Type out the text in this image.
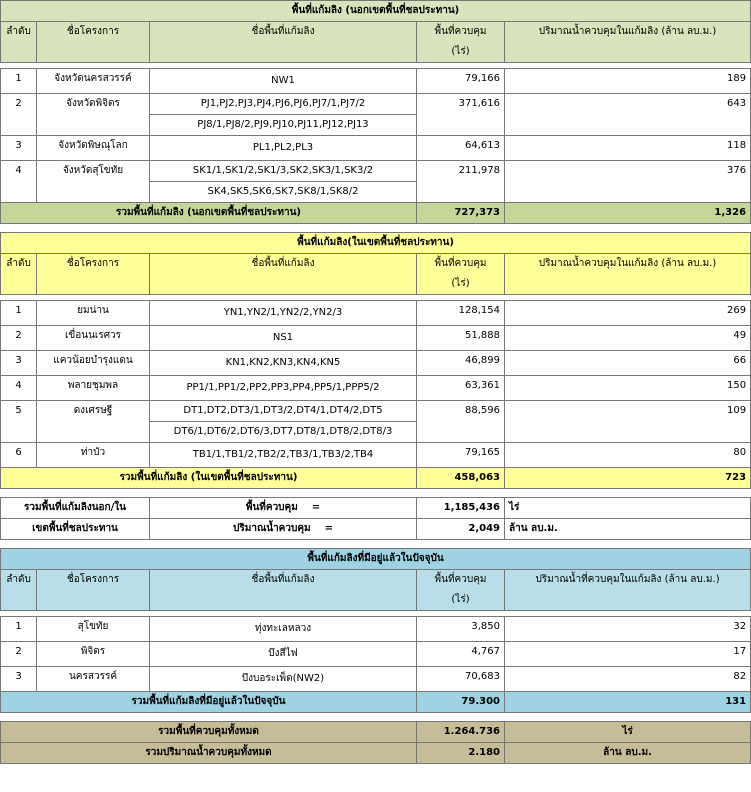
พื้นที่แก้มลิง (นอกเขตพื้นที่ชลประทาน)				
ลำดับ	ชื่อโครงการ	ชื่อพื้นที่แก้มลิง	พื้นที่ควบคุม	ปริมาณน้ำควบคุมในแก้มลิง (ล้าน ลบ.ม.)
			(ไร่)	

1	จังหวัดนครสวรรค์	NW1	79,166	189
2	จังหวัดพิจิตร	PJ1,PJ2,PJ3,PJ4,PJ6,PJ6,PJ7/1,PJ7/2	371,616	643
		PJ8/1,PJ8/2,PJ9,PJ10,PJ11,PJ12,PJ13		
3	จังหวัดพิษณุโลก	PL1,PL2,PL3	64,613	118
4	จังหวัดสุโขทัย	SK1/1,SK1/2,SK1/3,SK2,SK3/1,SK3/2	211,978	376
		SK4,SK5,SK6,SK7,SK8/1,SK8/2		
รวมพื้นที่แก้มลิง (นอกเขตพื้นที่ชลประทาน)			727,373	1,326

พื้นที่แก้มลิง(ในเขตพื้นที่ชลประทาน)				
ลำดับ	ชื่อโครงการ	ชื่อพื้นที่แก้มลิง	พื้นที่ควบคุม	ปริมาณน้ำควบคุมในแก้มลิง (ล้าน ลบ.ม.)
			(ไร่)	

1	ยมน่าน	YN1,YN2/1,YN2/2,YN2/3	128,154	269
2	เขื่อนนเรศวร	NS1	51,888	49
3	แควน้อยบำรุงแดน	KN1,KN2,KN3,KN4,KN5	46,899	66
4	พลายชุมพล	PP1/1,PP1/2,PP2,PP3,PP4,PP5/1,PPP5/2	63,361	150
5	ดงเศรษฐี	DT1,DT2,DT3/1,DT3/2,DT4/1,DT4/2,DT5	88,596	109
		DT6/1,DT6/2,DT6/3,DT7,DT8/1,DT8/2,DT8/3		
6	ท่าบัว	TB1/1,TB1/2,TB2/2,TB3/1,TB3/2,TB4	79,165	80
รวมพื้นที่แก้มลิง (ในเขตพื้นที่ชลประทาน)			458,063	723

รวมพื้นที่แก้มลิงนอก/ใน		พื้นที่ควบคุม =	1,185,436	ไร่
เขตพื้นที่ชลประทาน		ปริมาณน้ำควบคุม =	2,049	ล้าน ลบ.ม.

พื้นที่แก้มลิงที่มีอยู่แล้วในปัจจุบัน				
ลำดับ	ชื่อโครงการ	ชื่อพื้นที่แก้มลิง	พื้นที่ควบคุม	ปริมาณน้ำที่ควบคุมในแก้มลิง (ล้าน ลบ.ม.)
			(ไร่)	

1	สุโขทัย	ทุ่งทะเลหลวง	3,850	32
2	พิจิตร	บึงสีไฟ	4,767	17
3	นครสวรรค์	บึงบอระเพ็ด(NW2)	70,683	82
รวมพื้นที่แก้มลิงที่มีอยู่แล้วในปัจจุบัน			79.300	131

รวมพื้นที่ควบคุมทั้งหมด			1.264.736	ไร่
รวมปริมาณน้ำควบคุมทั้งหมด			2.180	ล้าน ลบ.ม.
